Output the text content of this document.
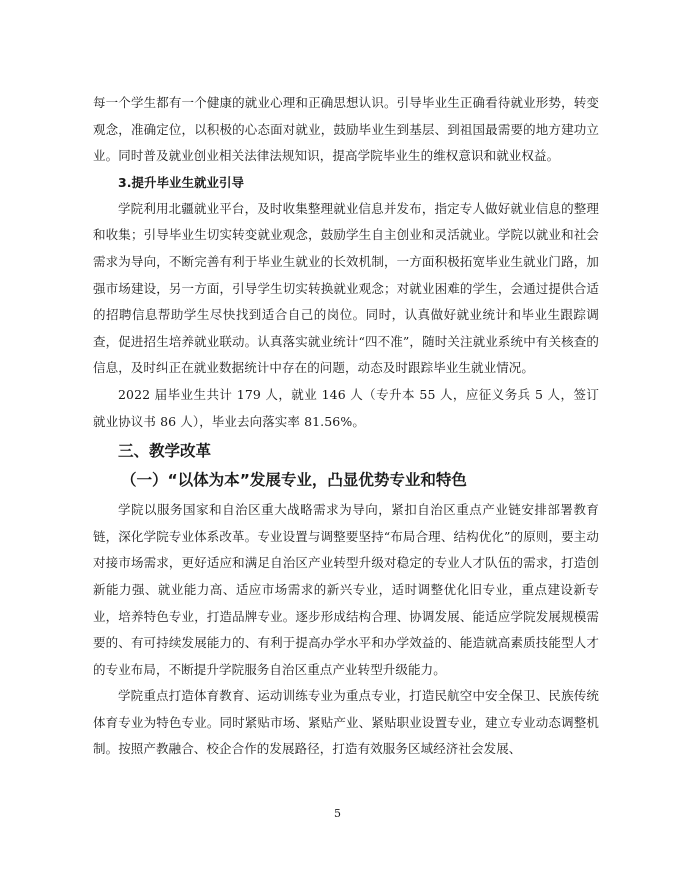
每一个学生都有一个健康的就业心理和正确思想认识。引导毕业生正确看待就业形势，转变观念，准确定位，以积极的心态面对就业，鼓励毕业生到基层、到祖国最需要的地方建功立业。同时普及就业创业相关法律法规知识，提高学院毕业生的维权意识和就业权益。

3.提升毕业生就业引导

学院利用北疆就业平台，及时收集整理就业信息并发布，指定专人做好就业信息的整理和收集；引导毕业生切实转变就业观念，鼓励学生自主创业和灵活就业。学院以就业和社会需求为导向，不断完善有利于毕业生就业的长效机制，一方面积极拓宽毕业生就业门路，加强市场建设，另一方面，引导学生切实转换就业观念；对就业困难的学生，会通过提供合适的招聘信息帮助学生尽快找到适合自己的岗位。同时，认真做好就业统计和毕业生跟踪调查，促进招生培养就业联动。认真落实就业统计“四不准”，随时关注就业系统中有关核查的信息，及时纠正在就业数据统计中存在的问题，动态及时跟踪毕业生就业情况。

2022 届毕业生共计 179 人，就业 146 人（专升本 55 人，应征义务兵 5 人，签订就业协议书 86 人），毕业去向落实率 81.56%。

三、教学改革
（一）“以体为本”发展专业，凸显优势专业和特色

学院以服务国家和自治区重大战略需求为导向，紧扣自治区重点产业链安排部署教育链，深化学院专业体系改革。专业设置与调整要坚持“布局合理、结构优化”的原则，要主动对接市场需求，更好适应和满足自治区产业转型升级对稳定的专业人才队伍的需求，打造创新能力强、就业能力高、适应市场需求的新兴专业，适时调整优化旧专业，重点建设新专业，培养特色专业，打造品牌专业。逐步形成结构合理、协调发展、能适应学院发展规模需要的、有可持续发展能力的、有利于提高办学水平和办学效益的、能造就高素质技能型人才的专业布局，不断提升学院服务自治区重点产业转型升级能力。

学院重点打造体育教育、运动训练专业为重点专业，打造民航空中安全保卫、民族传统体育专业为特色专业。同时紧贴市场、紧贴产业、紧贴职业设置专业，建立专业动态调整机制。按照产教融合、校企合作的发展路径，打造有效服务区域经济社会发展、

5
